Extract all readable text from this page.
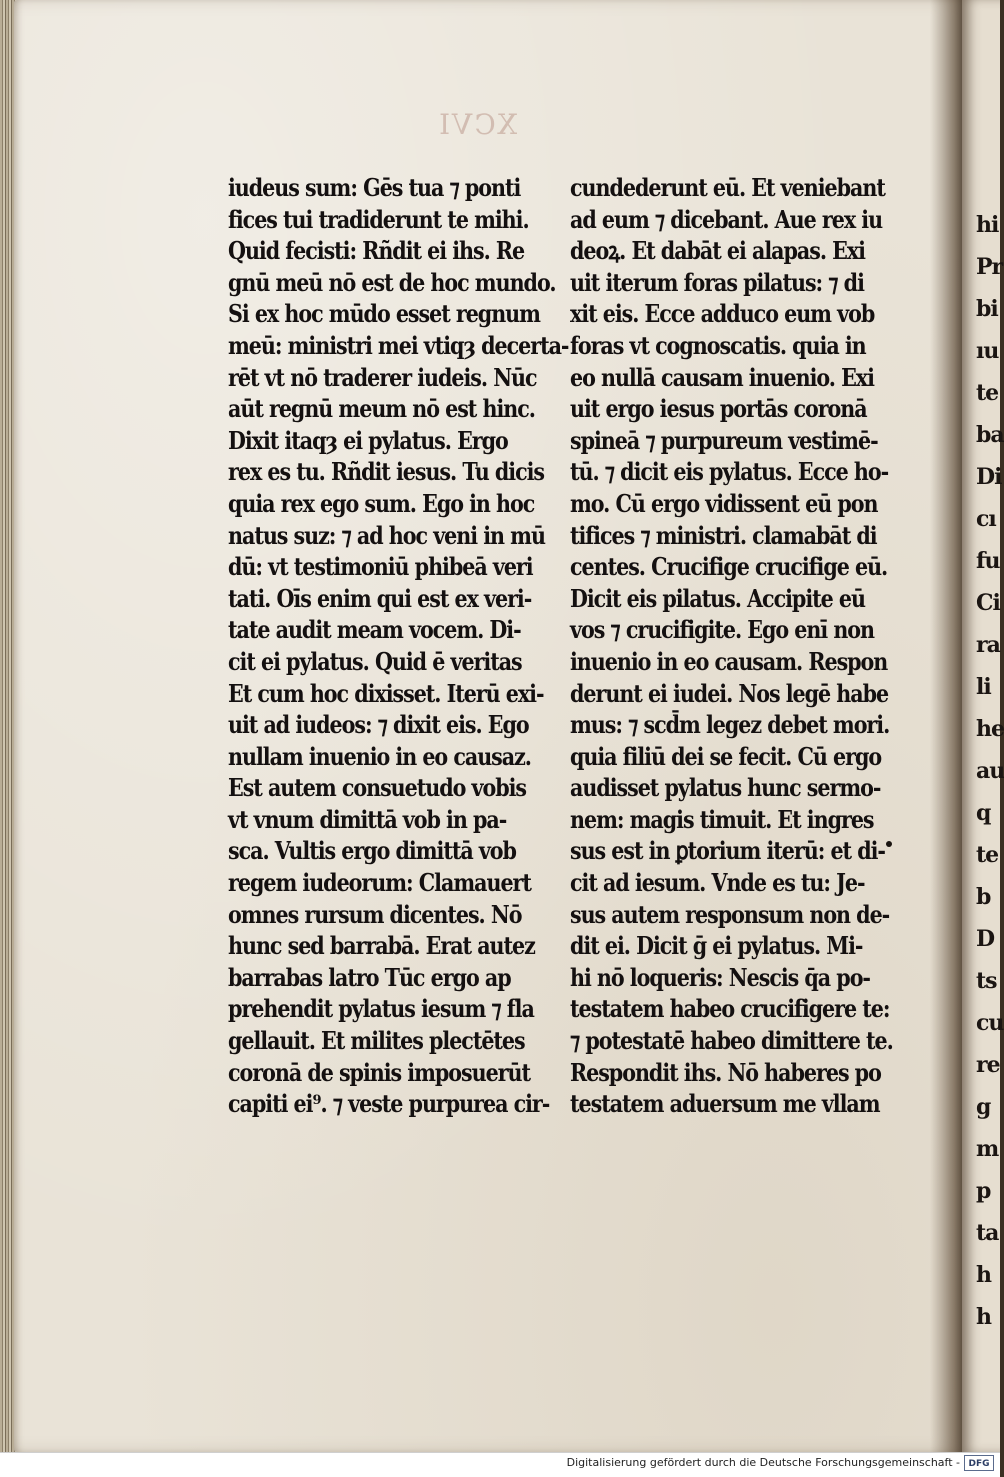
hi
Pr
bi
ıu
te
ba
Di
cı
fu
Ci
ra
li
he
au
q
te
b
D
ts
cu
re
g
m
p
ta
h
h
XCVI
iudeus sum: Gēs tua ⁊ ponti
fices tui tradiderunt te mihi.
Quid fecisti: Rñdit ei ihs. Re
gnū meū nō est de hoc mundo.
Si ex hoc mūdo esset regnum
meū: ministri mei vtiqȝ decerta-
rēt vt nō traderer iudeis. Nūc
aūt regnū meum nō est hinc.
Dixit itaqȝ ei pylatus. Ergo
rex es tu. Rñdit iesus. Tu dicis
quia rex ego sum. Ego in hoc
natus suz: ⁊ ad hoc veni in mū
dū: vt testimoniū phibeā veri
tati. Oīs enim qui est ex veri-
tate audit meam vocem. Di-
cit ei pylatus. Quid ē veritas
Et cum hoc dixisset. Iterū exi-
uit ad iudeos: ⁊ dixit eis. Ego
nullam inuenio in eo causaz.
Est autem consuetudo vobis
vt vnum dimittā vob in pa-
sca. Vultis ergo dimittā vob
regem iudeorum: Clamauert
omnes rursum dicentes. Nō
hunc sed barrabā. Erat autez
barrabas latro Tūc ergo ap
prehendit pylatus iesum ⁊ fla
gellauit. Et milites plectētes
coronā de spinis imposuerūt
capiti ei⁹. ⁊ veste purpurea cir-
cundederunt eū. Et veniebant
ad eum ⁊ dicebant. Aue rex iu
deoꝝ. Et dabāt ei alapas. Exi
uit iterum foras pilatus: ⁊ di
xit eis. Ecce adduco eum vob
foras vt cognoscatis. quia in
eo nullā causam inuenio. Exi
uit ergo iesus portās coronā
spineā ⁊ purpureum vestimē-
tū. ⁊ dicit eis pylatus. Ecce ho-
mo. Cū ergo vidissent eū pon
tifices ⁊ ministri. clamabāt di
centes. Crucifige crucifige eū.
Dicit eis pilatus. Accipite eū
vos ⁊ crucifigite. Ego enī non
inuenio in eo causam. Respon
derunt ei iudei. Nos legē habe
mus: ⁊ scd̄m legez debet mori.
quia filiū dei se fecit. Cū ergo
audisset pylatus hunc sermo-
nem: magis timuit. Et ingres
sus est in ꝑtorium iterū: et di-
cit ad iesum. Vnde es tu: Je-
sus autem responsum non de-
dit ei. Dicit ḡ ei pylatus. Mi-
hi nō loqueris: Nescis q̄a po-
testatem habeo crucifigere te:
⁊ potestatē habeo dimittere te.
Respondit ihs. Nō haberes po
testatem aduersum me vllam
Digitalisierung gefördert durch die Deutsche Forschungsgemeinschaft - DFG
